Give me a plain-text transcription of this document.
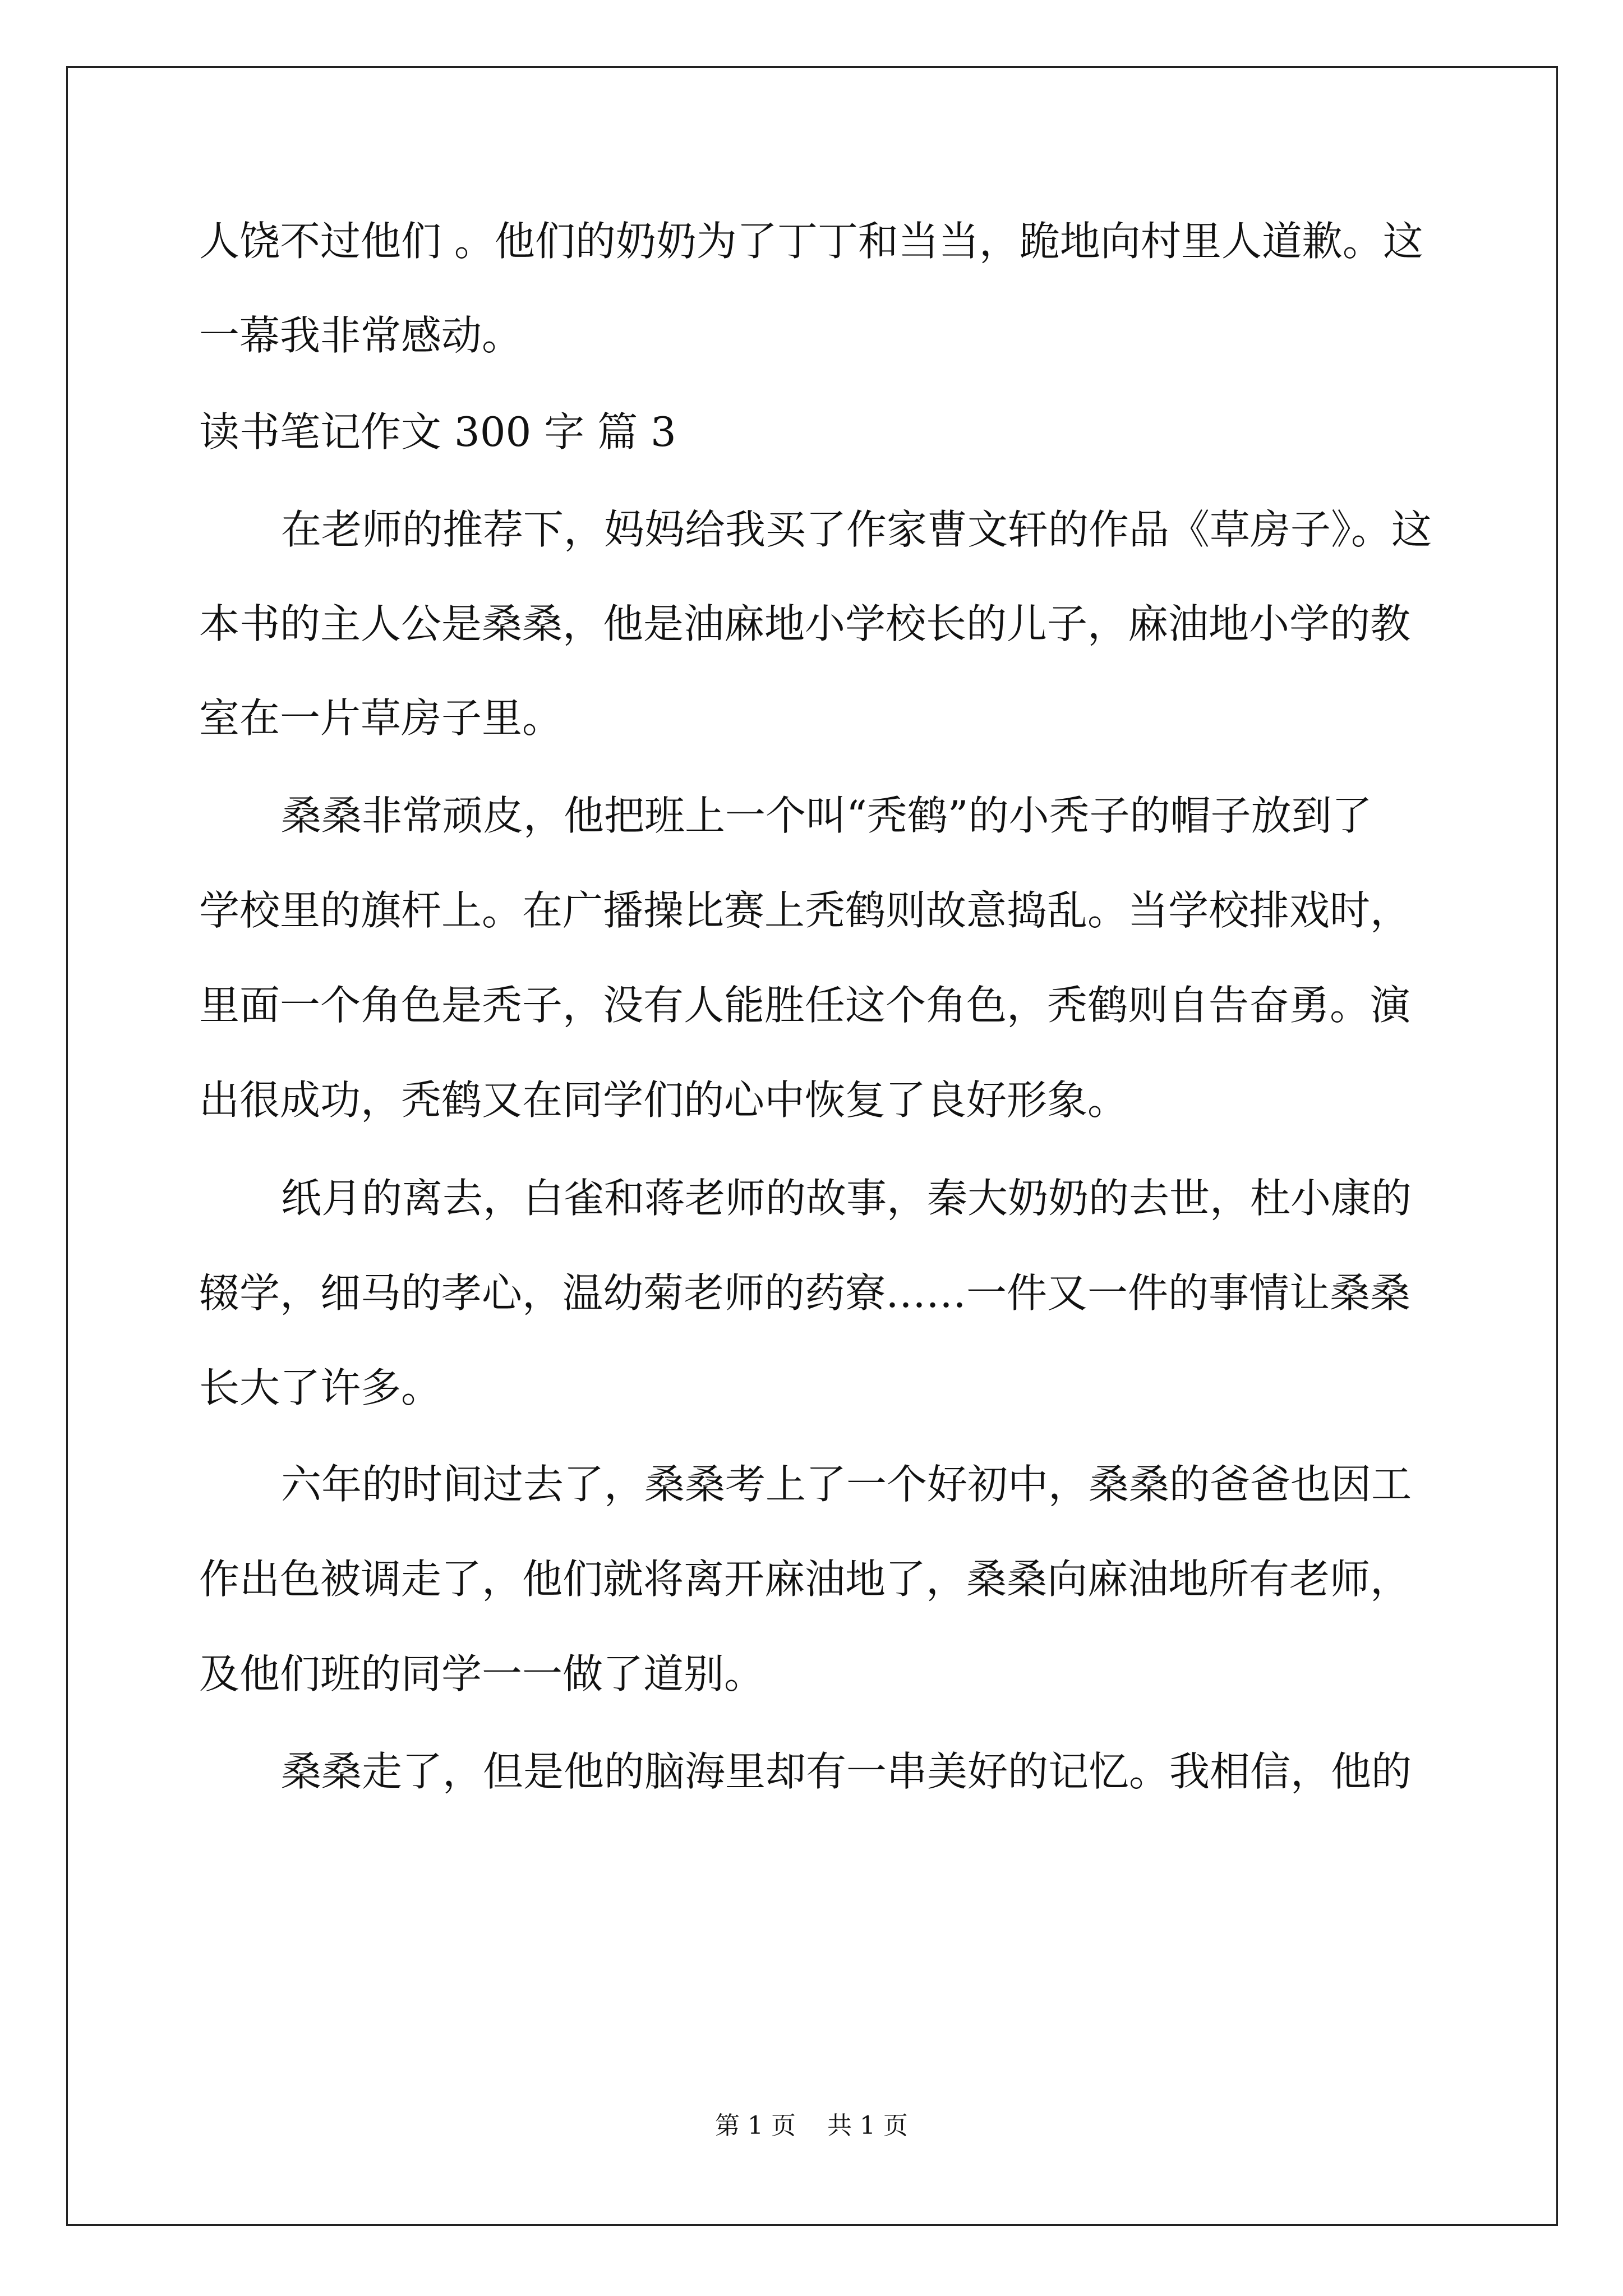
人饶不过他们 。他们的奶奶为了丁丁和当当，跪地向村里人道歉。这
一幕我非常感动。
读书笔记作文 300 字 篇 3
在老师的推荐下，妈妈给我买了作家曹文轩的作品《草房子》。这
本书的主人公是桑桑，他是油麻地小学校长的儿子，麻油地小学的教
室在一片草房子里。
桑桑非常顽皮，他把班上一个叫“秃鹤”的小秃子的帽子放到了
学校里的旗杆上。在广播操比赛上秃鹤则故意捣乱。当学校排戏时，
里面一个角色是秃子，没有人能胜任这个角色，秃鹤则自告奋勇。演
出很成功，秃鹤又在同学们的心中恢复了良好形象。
纸月的离去，白雀和蒋老师的故事，秦大奶奶的去世，杜小康的
辍学，细马的孝心，温幼菊老师的药寮……一件又一件的事情让桑桑
长大了许多。
六年的时间过去了，桑桑考上了一个好初中，桑桑的爸爸也因工
作出色被调走了，他们就将离开麻油地了，桑桑向麻油地所有老师，
及他们班的同学一一做了道别。
桑桑走了，但是他的脑海里却有一串美好的记忆。我相信，他的
第 1 页    共 1 页
